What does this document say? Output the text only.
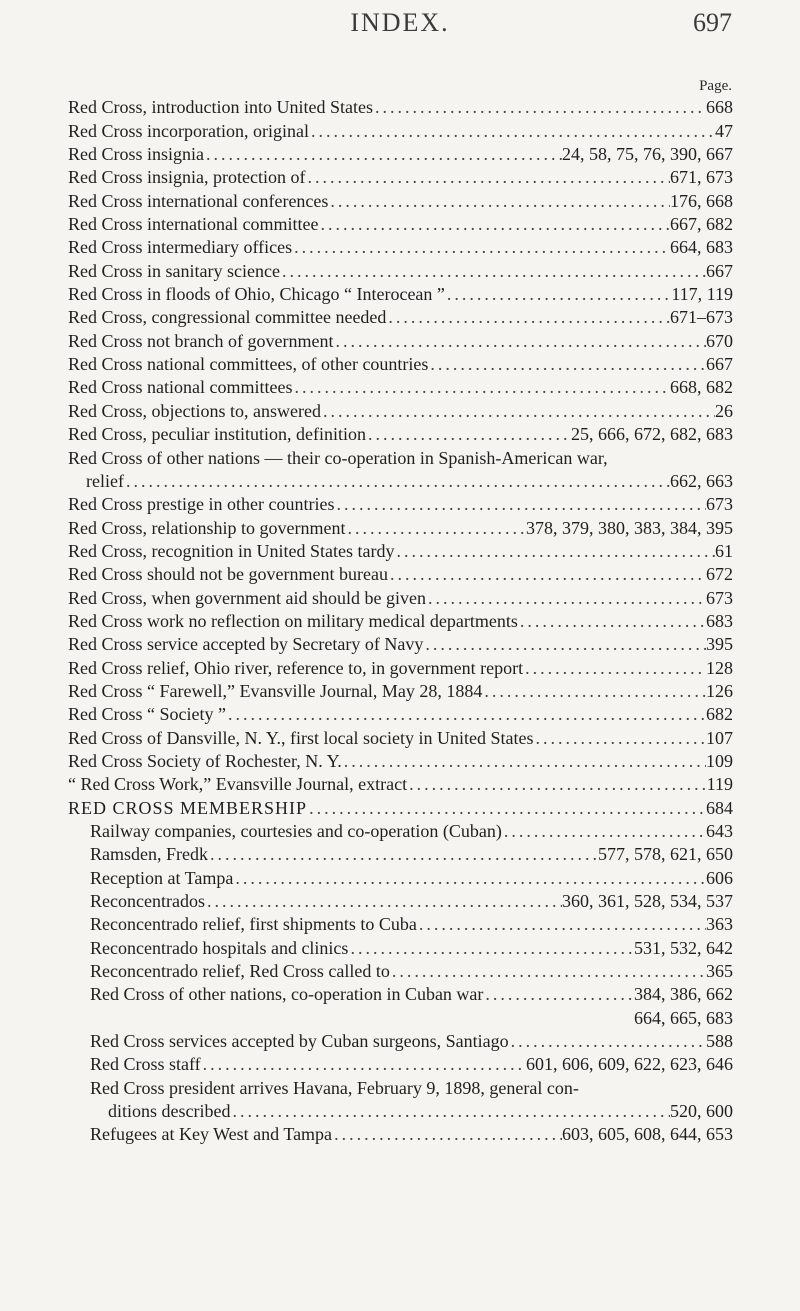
INDEX.	697
Page.
Red Cross, introduction into United States .....	668
Red Cross incorporation, original .....	47
Red Cross insignia .....	24, 58, 75, 76, 390, 667
Red Cross insignia, protection of .....	671, 673
Red Cross international conferences .....	176, 668
Red Cross international committee .....	667, 682
Red Cross intermediary offices .....	664, 683
Red Cross in sanitary science .....	667
Red Cross in floods of Ohio, Chicago “ Interocean ” .....	117, 119
Red Cross, congressional committee needed .....	671–673
Red Cross not branch of government .....	670
Red Cross national committees, of other countries .....	667
Red Cross national committees .....	668, 682
Red Cross, objections to, answered .....	26
Red Cross, peculiar institution, definition .....	25, 666, 672, 682, 683
Red Cross of other nations — their co-operation in Spanish-American war,
relief .....	662, 663
Red Cross prestige in other countries .....	673
Red Cross, relationship to government .....	378, 379, 380, 383, 384, 395
Red Cross, recognition in United States tardy .....	61
Red Cross should not be government bureau .....	672
Red Cross, when government aid should be given .....	673
Red Cross work no reflection on military medical departments .....	683
Red Cross service accepted by Secretary of Navy .....	395
Red Cross relief, Ohio river, reference to, in government report .....	128
Red Cross “ Farewell,” Evansville Journal, May 28, 1884 .....	126
Red Cross “ Society ” .....	682
Red Cross of Dansville, N. Y., first local society in United States .....	107
Red Cross Society of Rochester, N. Y. .....	109
“ Red Cross Work,” Evansville Journal, extract .....	119
RED CROSS MEMBERSHIP .....	684
Railway companies, courtesies and co-operation (Cuban) .....	643
Ramsden, Fredk .....	577, 578, 621, 650
Reception at Tampa .....	606
Reconcentrados .....	360, 361, 528, 534, 537
Reconcentrado relief, first shipments to Cuba .....	363
Reconcentrado hospitals and clinics .....	531, 532, 642
Reconcentrado relief, Red Cross called to .....	365
Red Cross of other nations, co-operation in Cuban war .....	384, 386, 662
664, 665, 683
Red Cross services accepted by Cuban surgeons, Santiago .....	588
Red Cross staff .....	601, 606, 609, 622, 623, 646
Red Cross president arrives Havana, February 9, 1898, general con-
ditions described .....	520, 600
Refugees at Key West and Tampa .....	603, 605, 608, 644, 653
